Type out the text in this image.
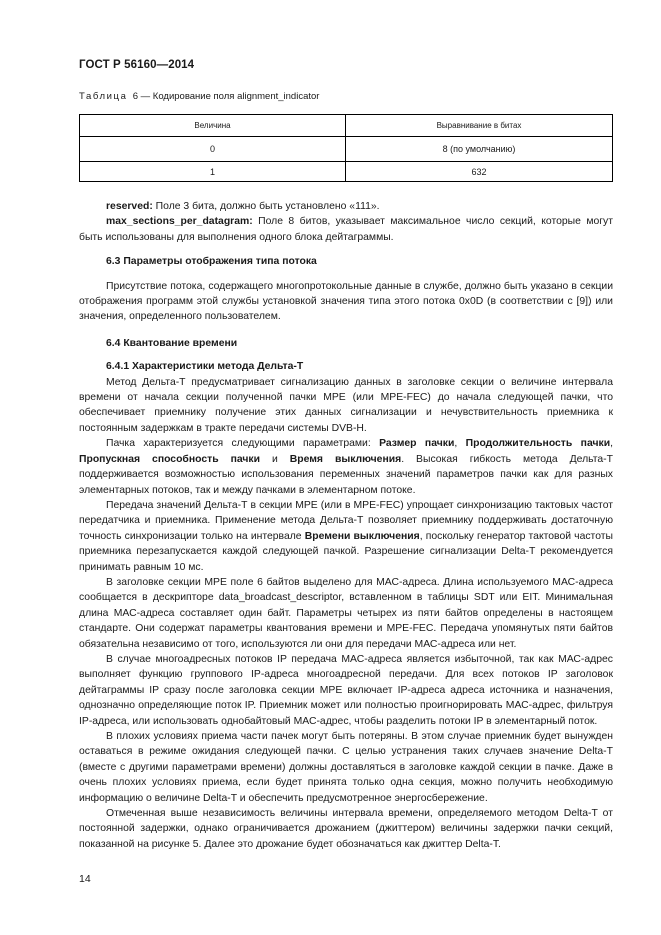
ГОСТ Р 56160—2014
Таблица 6 — Кодирование поля alignment_indicator
Величина	Выравнивание в битах
0	8 (по умолчанию)
1	632

reserved: Поле 3 бита, должно быть установлено «111».

max_sections_per_datagram: Поле 8 битов, указывает максимальное число секций, которые могут быть использованы для выполнения одного блока дейтаграммы.

6.3 Параметры отображения типа потока

Присутствие потока, содержащего многопротокольные данные в службе, должно быть указано в секции отображения программ этой службы установкой значения типа этого потока 0x0D (в соответствии с [9]) или значения, определенного пользователем.

6.4 Квантование времени
6.4.1 Характеристики метода Дельта-Т

Метод Дельта-Т предусматривает сигнализацию данных в заголовке секции о величине интервала времени от начала секции полученной пачки МРЕ (или MPE-FEC) до начала следующей пачки, что обеспечивает приемнику получение этих данных сигнализации и нечувствительность приемника к постоянным задержкам в тракте передачи системы DVB-H.

Пачка характеризуется следующими параметрами: Размер пачки, Продолжительность пачки, Пропускная способность пачки и Время выключения. Высокая гибкость метода Дельта-Т поддерживается возможностью использования переменных значений параметров пачки как для разных элементарных потоков, так и между пачками в элементарном потоке.

Передача значений Дельта-Т в секции МРЕ (или в MPE-FEC) упрощает синхронизацию тактовых частот передатчика и приемника. Применение метода Дельта-Т позволяет приемнику поддерживать достаточную точность синхронизации только на интервале Времени выключения, поскольку генератор тактовой частоты приемника перезапускается каждой следующей пачкой. Разрешение сигнализации Delta-T рекомендуется принимать равным 10 мс.

В заголовке секции МРЕ поле 6 байтов выделено для МАС-адреса. Длина используемого МАС-адреса сообщается в дескрипторе data_broadcast_descriptor, вставленном в таблицы SDT или EIT. Минимальная длина МАС-адреса составляет один байт. Параметры четырех из пяти байтов определены в настоящем стандарте. Они содержат параметры квантования времени и MPE-FEC. Передача упомянутых пяти байтов обязательна независимо от того, используются ли они для передачи МАС-адреса или нет.

В случае многоадресных потоков IP передача МАС-адреса является избыточной, так как МАС-адрес выполняет функцию группового IP-адреса многоадресной передачи. Для всех потоков IP заголовок дейтаграммы IP сразу после заголовка секции МРЕ включает IP-адреса адреса источника и назначения, однозначно определяющие поток IP. Приемник может или полностью проигнорировать МАС-адрес, фильтруя IP-адреса, или использовать однобайтовый МАС-адрес, чтобы разделить потоки IP в элементарный поток.

В плохих условиях приема части пачек могут быть потеряны. В этом случае приемник будет вынужден оставаться в режиме ожидания следующей пачки. С целью устранения таких случаев значение Delta-T (вместе с другими параметрами времени) должны доставляться в заголовке каждой секции в пачке. Даже в очень плохих условиях приема, если будет принята только одна секция, можно получить необходимую информацию о величине Delta-T и обеспечить предусмотренное энергосбережение.

Отмеченная выше независимость величины интервала времени, определяемого методом Delta-T от постоянной задержки, однако ограничивается дрожанием (джиттером) величины задержки пачки секций, показанной на рисунке 5. Далее это дрожание будет обозначаться как джиттер Delta-T.

14
